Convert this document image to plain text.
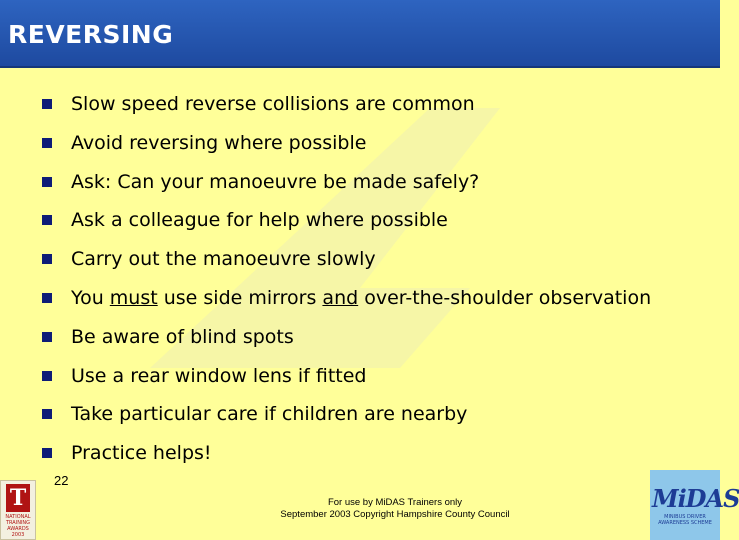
REVERSING
Slow speed reverse collisions are common
Avoid reversing where possible
Ask: Can your manoeuvre be made safely?
Ask a colleague for help where possible
Carry out the manoeuvre slowly
You must use side mirrors and over-the-shoulder observation
Be aware of blind spots
Use a rear window lens if fitted
Take particular care if children are nearby
Practice helps!
T
NATIONAL TRAINING AWARDS 2003
22
For use by MiDAS Trainers only
September 2003 Copyright Hampshire County Council
MiDAS
MINIBUS DRIVER AWARENESS SCHEME
